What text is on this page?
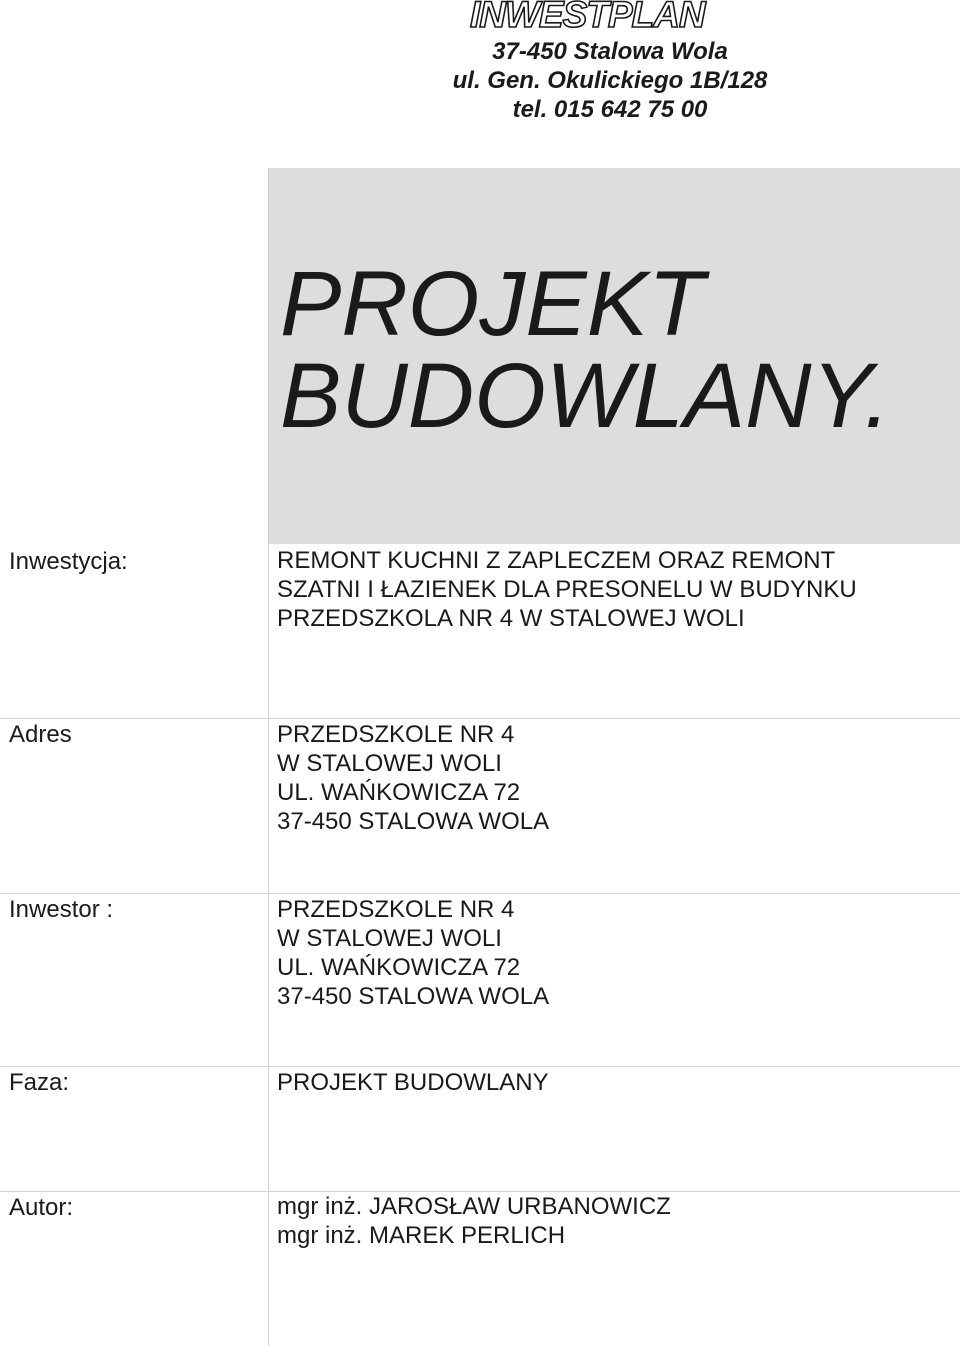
INWESTPLAN
37-450 Stalowa Wola
ul. Gen. Okulickiego 1B/128
tel. 015 642 75 00
PROJEKT
BUDOWLANY.
Inwestycja:	REMONT KUCHNI Z ZAPLECZEM ORAZ REMONT
SZATNI I ŁAZIENEK DLA PRESONELU W BUDYNKU
PRZEDSZKOLA NR 4 W STALOWEJ WOLI
Adres	PRZEDSZKOLE NR 4
W STALOWEJ WOLI
UL. WAŃKOWICZA 72
37-450 STALOWA WOLA
Inwestor :	PRZEDSZKOLE NR 4
W STALOWEJ WOLI
UL. WAŃKOWICZA 72
37-450 STALOWA WOLA
Faza:	PROJEKT BUDOWLANY
Autor:	mgr inż. JAROSŁAW URBANOWICZ
mgr inż. MAREK PERLICH
